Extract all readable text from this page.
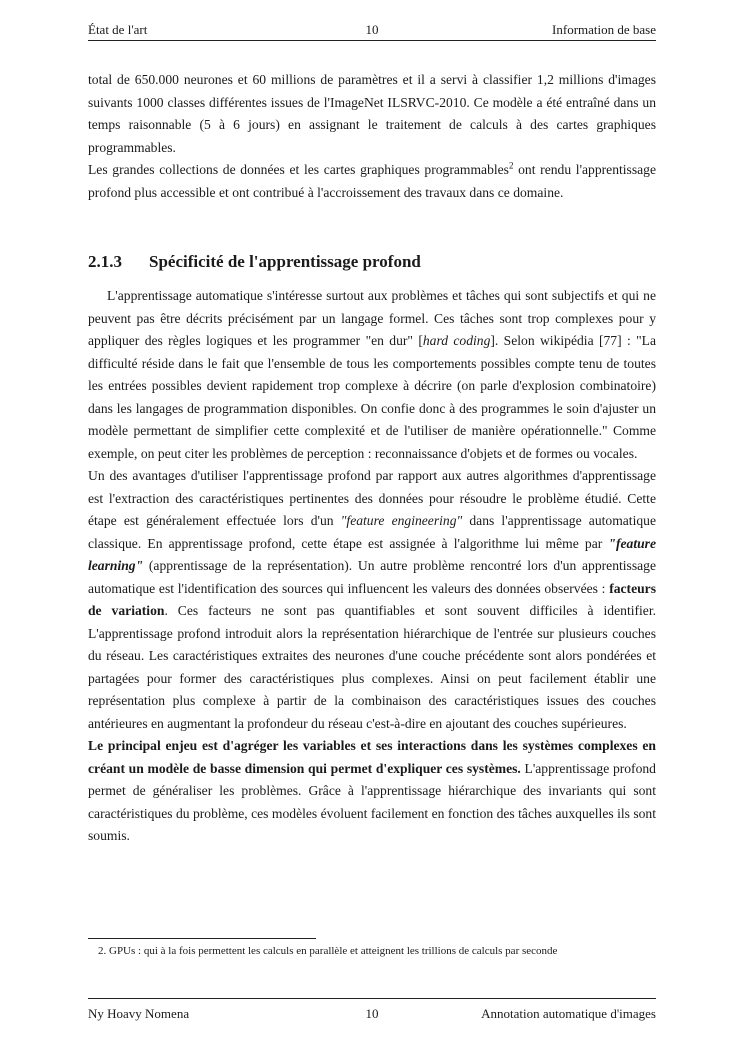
10
État de l'art	Information de base

total de 650.000 neurones et 60 millions de paramètres et il a servi à classifier 1,2 millions d'images suivants 1000 classes différentes issues de l'ImageNet ILSRVC-2010. Ce modèle a été entraîné dans un temps raisonnable (5 à 6 jours) en assignant le traitement de calculs à des cartes graphiques programmables.

Les grandes collections de données et les cartes graphiques programmables$^2$ ont rendu l'apprentissage profond plus accessible et ont contribué à l'accroissement des travaux dans ce domaine.

2.1.3 Spécificité de l'apprentissage profond

L'apprentissage automatique s'intéresse surtout aux problèmes et tâches qui sont subjectifs et qui ne peuvent pas être décrits précisément par un langage formel. Ces tâches sont trop complexes pour y appliquer des règles logiques et les programmer "en dur" [hard coding]. Selon wikipédia [77] : "La difficulté réside dans le fait que l'ensemble de tous les comportements possibles compte tenu de toutes les entrées possibles devient rapidement trop complexe à décrire (on parle d'explosion combinatoire) dans les langages de programmation disponibles. On confie donc à des programmes le soin d'ajuster un modèle permettant de simplifier cette complexité et de l'utiliser de manière opérationnelle." Comme exemple, on peut citer les problèmes de perception : reconnaissance d'objets et de formes ou vocales.

Un des avantages d'utiliser l'apprentissage profond par rapport aux autres algorithmes d'apprentissage est l'extraction des caractéristiques pertinentes des données pour résoudre le problème étudié. Cette étape est généralement effectuée lors d'un "feature engineering" dans l'apprentissage automatique classique. En apprentissage profond, cette étape est assignée à l'algorithme lui même par "feature learning" (apprentissage de la représentation). Un autre problème rencontré lors d'un apprentissage automatique est l'identification des sources qui influencent les valeurs des données observées : facteurs de variation. Ces facteurs ne sont pas quantifiables et sont souvent difficiles à identifier. L'apprentissage profond introduit alors la représentation hiérarchique de l'entrée sur plusieurs couches du réseau. Les caractéristiques extraites des neurones d'une couche précédente sont alors pondérées et partagées pour former des caractéristiques plus complexes. Ainsi on peut facilement établir une représentation plus complexe à partir de la combinaison des caractéristiques issues des couches antérieures en augmentant la profondeur du réseau c'est-à-dire en ajoutant des couches supérieures.

Le principal enjeu est d'agréger les variables et ses interactions dans les systèmes complexes en créant un modèle de basse dimension qui permet d'expliquer ces systèmes. L'apprentissage profond permet de généraliser les problèmes. Grâce à l'apprentissage hiérarchique des invariants qui sont caractéristiques du problème, ces modèles évoluent facilement en fonction des tâches auxquelles ils sont soumis.

2. GPUs : qui à la fois permettent les calculs en parallèle et atteignent les trillions de calculs par seconde

10
Ny Hoavy Nomena	Annotation automatique d'images
